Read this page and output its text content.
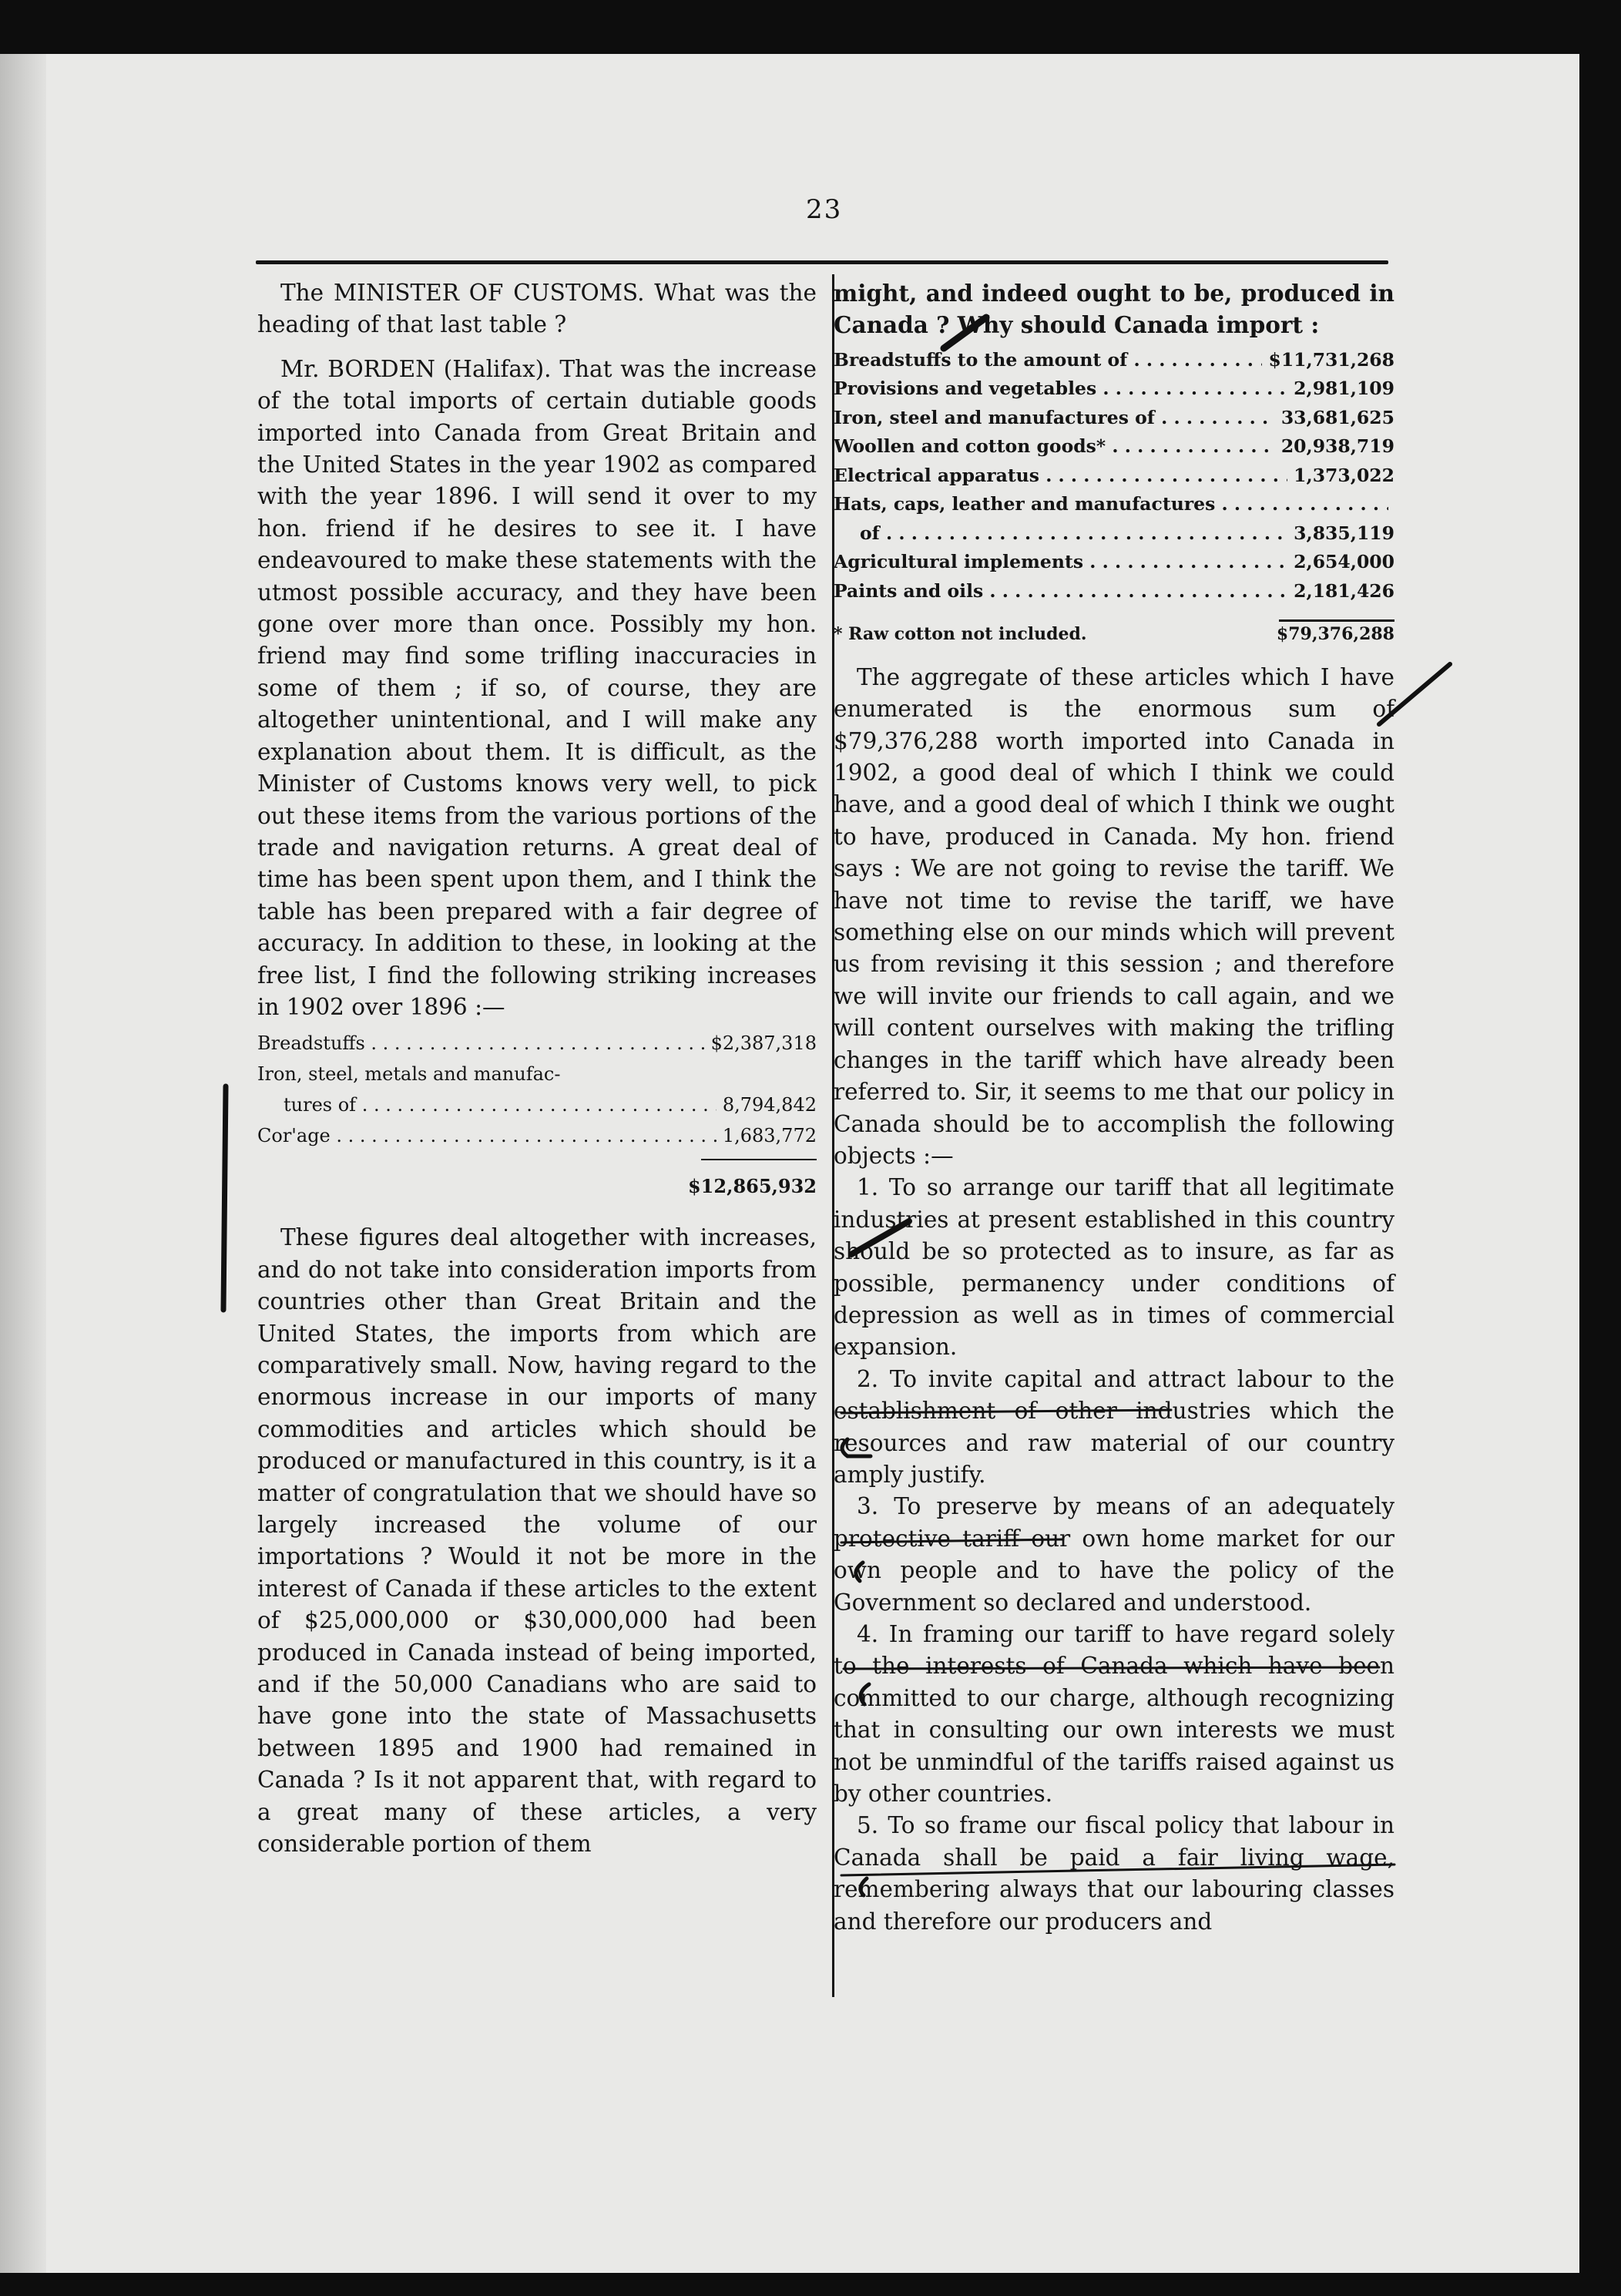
23

The MINISTER OF CUSTOMS. What was the heading of that last table ?

Mr. BORDEN (Halifax). That was the increase of the total imports of certain dutiable goods imported into Canada from Great Britain and the United States in the year 1902 as compared with the year 1896. I will send it over to my hon. friend if he desires to see it. I have endeavoured to make these statements with the utmost possible accuracy, and they have been gone over more than once. Possibly my hon. friend may find some trifling inaccuracies in some of them ; if so, of course, they are altogether unintentional, and I will make any explanation about them. It is difficult, as the Minister of Customs knows very well, to pick out these items from the various portions of the trade and navigation returns. A great deal of time has been spent upon them, and I think the table has been prepared with a fair degree of accuracy. In addition to these, in looking at the free list, I find the following striking increases in 1902 over 1896 :—

Breadstuffs . . .	$2,387,318
Iron, steel, metals and manufac-
tures of . . .	8,794,842
Cor'age . . .	1,683,772
$12,865,932

These figures deal altogether with increases, and do not take into consideration imports from countries other than Great Britain and the United States, the imports from which are comparatively small. Now, having regard to the enormous increase in our imports of many commodities and articles which should be produced or manufactured in this country, is it a matter of congratulation that we should have so largely increased the volume of our importations ? Would it not be more in the interest of Canada if these articles to the extent of $25,000,000 or $30,000,000 had been produced in Canada instead of being imported, and if the 50,000 Canadians who are said to have gone into the state of Massachusetts between 1895 and 1900 had remained in Canada ? Is it not apparent that, with regard to a great many of these articles, a very considerable portion of them

might, and indeed ought to be, produced in Canada ? Why should Canada import :

Breadstuffs to the amount of . . .	$11,731,268
Provisions and vegetables . . .	2,981,109
Iron, steel and manufactures of . . .	33,681,625
Woollen and cotton goods* . . .	20,938,719
Electrical apparatus . . .	1,373,022
Hats, caps, leather and manufactures . . .
of . . .	3,835,119
Agricultural implements . . .	2,654,000
Paints and oils . . .	2,181,426
* Raw cotton not included.	$79,376,288

The aggregate of these articles which I have enumerated is the enormous sum of $79,376,288 worth imported into Canada in 1902, a good deal of which I think we could have, and a good deal of which I think we ought to have, produced in Canada. My hon. friend says : We are not going to revise the tariff. We have not time to revise the tariff, we have something else on our minds which will prevent us from revising it this session ; and therefore we will invite our friends to call again, and we will content ourselves with making the trifling changes in the tariff which have already been referred to. Sir, it seems to me that our policy in Canada should be to accomplish the following objects :—

1. To so arrange our tariff that all legitimate industries at present established in this country should be so protected as to insure, as far as possible, permanency under conditions of depression as well as in times of commercial expansion.

2. To invite capital and attract labour to the establishment of other industries which the resources and raw material of our country amply justify.

3. To preserve by means of an adequately protective tariff our own home market for our own people and to have the policy of the Government so declared and understood.

4. In framing our tariff to have regard solely to the interests of Canada which have been committed to our charge, although recognizing that in consulting our own interests we must not be unmindful of the tariffs raised against us by other countries.

5. To so frame our fiscal policy that labour in Canada shall be paid a fair living wage, remembering always that our labouring classes and therefore our producers and
